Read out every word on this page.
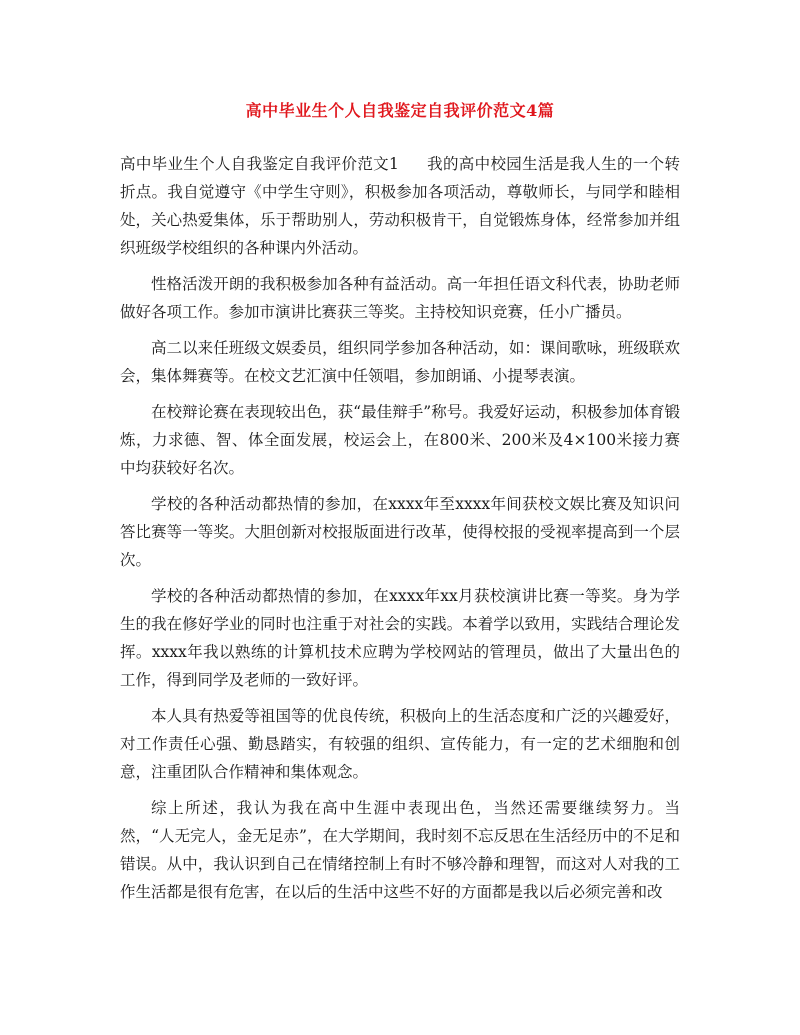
高中毕业生个人自我鉴定自我评价范文4篇

高中毕业生个人自我鉴定自我评价范文1 我的高中校园生活是我人生的一个转折点。我自觉遵守《中学生守则》，积极参加各项活动，尊敬师长，与同学和睦相处，关心热爱集体，乐于帮助别人，劳动积极肯干，自觉锻炼身体，经常参加并组织班级学校组织的各种课内外活动。

性格活泼开朗的我积极参加各种有益活动。高一年担任语文科代表，协助老师做好各项工作。参加市演讲比赛获三等奖。主持校知识竞赛，任小广播员。

高二以来任班级文娱委员，组织同学参加各种活动，如：课间歌咏，班级联欢会，集体舞赛等。在校文艺汇演中任领唱，参加朗诵、小提琴表演。

在校辩论赛在表现较出色，获“最佳辩手”称号。我爱好运动，积极参加体育锻炼，力求德、智、体全面发展，校运会上，在800米、200米及4×100米接力赛中均获较好名次。

学校的各种活动都热情的参加，在xxxx年至xxxx年间获校文娱比赛及知识问答比赛等一等奖。大胆创新对校报版面进行改革，使得校报的受视率提高到一个层次。

学校的各种活动都热情的参加，在xxxx年xx月获校演讲比赛一等奖。身为学生的我在修好学业的同时也注重于对社会的实践。本着学以致用，实践结合理论发挥。xxxx年我以熟练的计算机技术应聘为学校网站的管理员，做出了大量出色的工作，得到同学及老师的一致好评。

本人具有热爱等祖国等的优良传统，积极向上的生活态度和广泛的兴趣爱好，对工作责任心强、勤恳踏实，有较强的组织、宣传能力，有一定的艺术细胞和创意，注重团队合作精神和集体观念。

综上所述，我认为我在高中生涯中表现出色，当然还需要继续努力。当然，“人无完人，金无足赤”，在大学期间，我时刻不忘反思在生活经历中的不足和错误。从中，我认识到自己在情绪控制上有时不够冷静和理智，而这对人对我的工作生活都是很有危害，在以后的生活中这些不好的方面都是我以后必须完善和改
